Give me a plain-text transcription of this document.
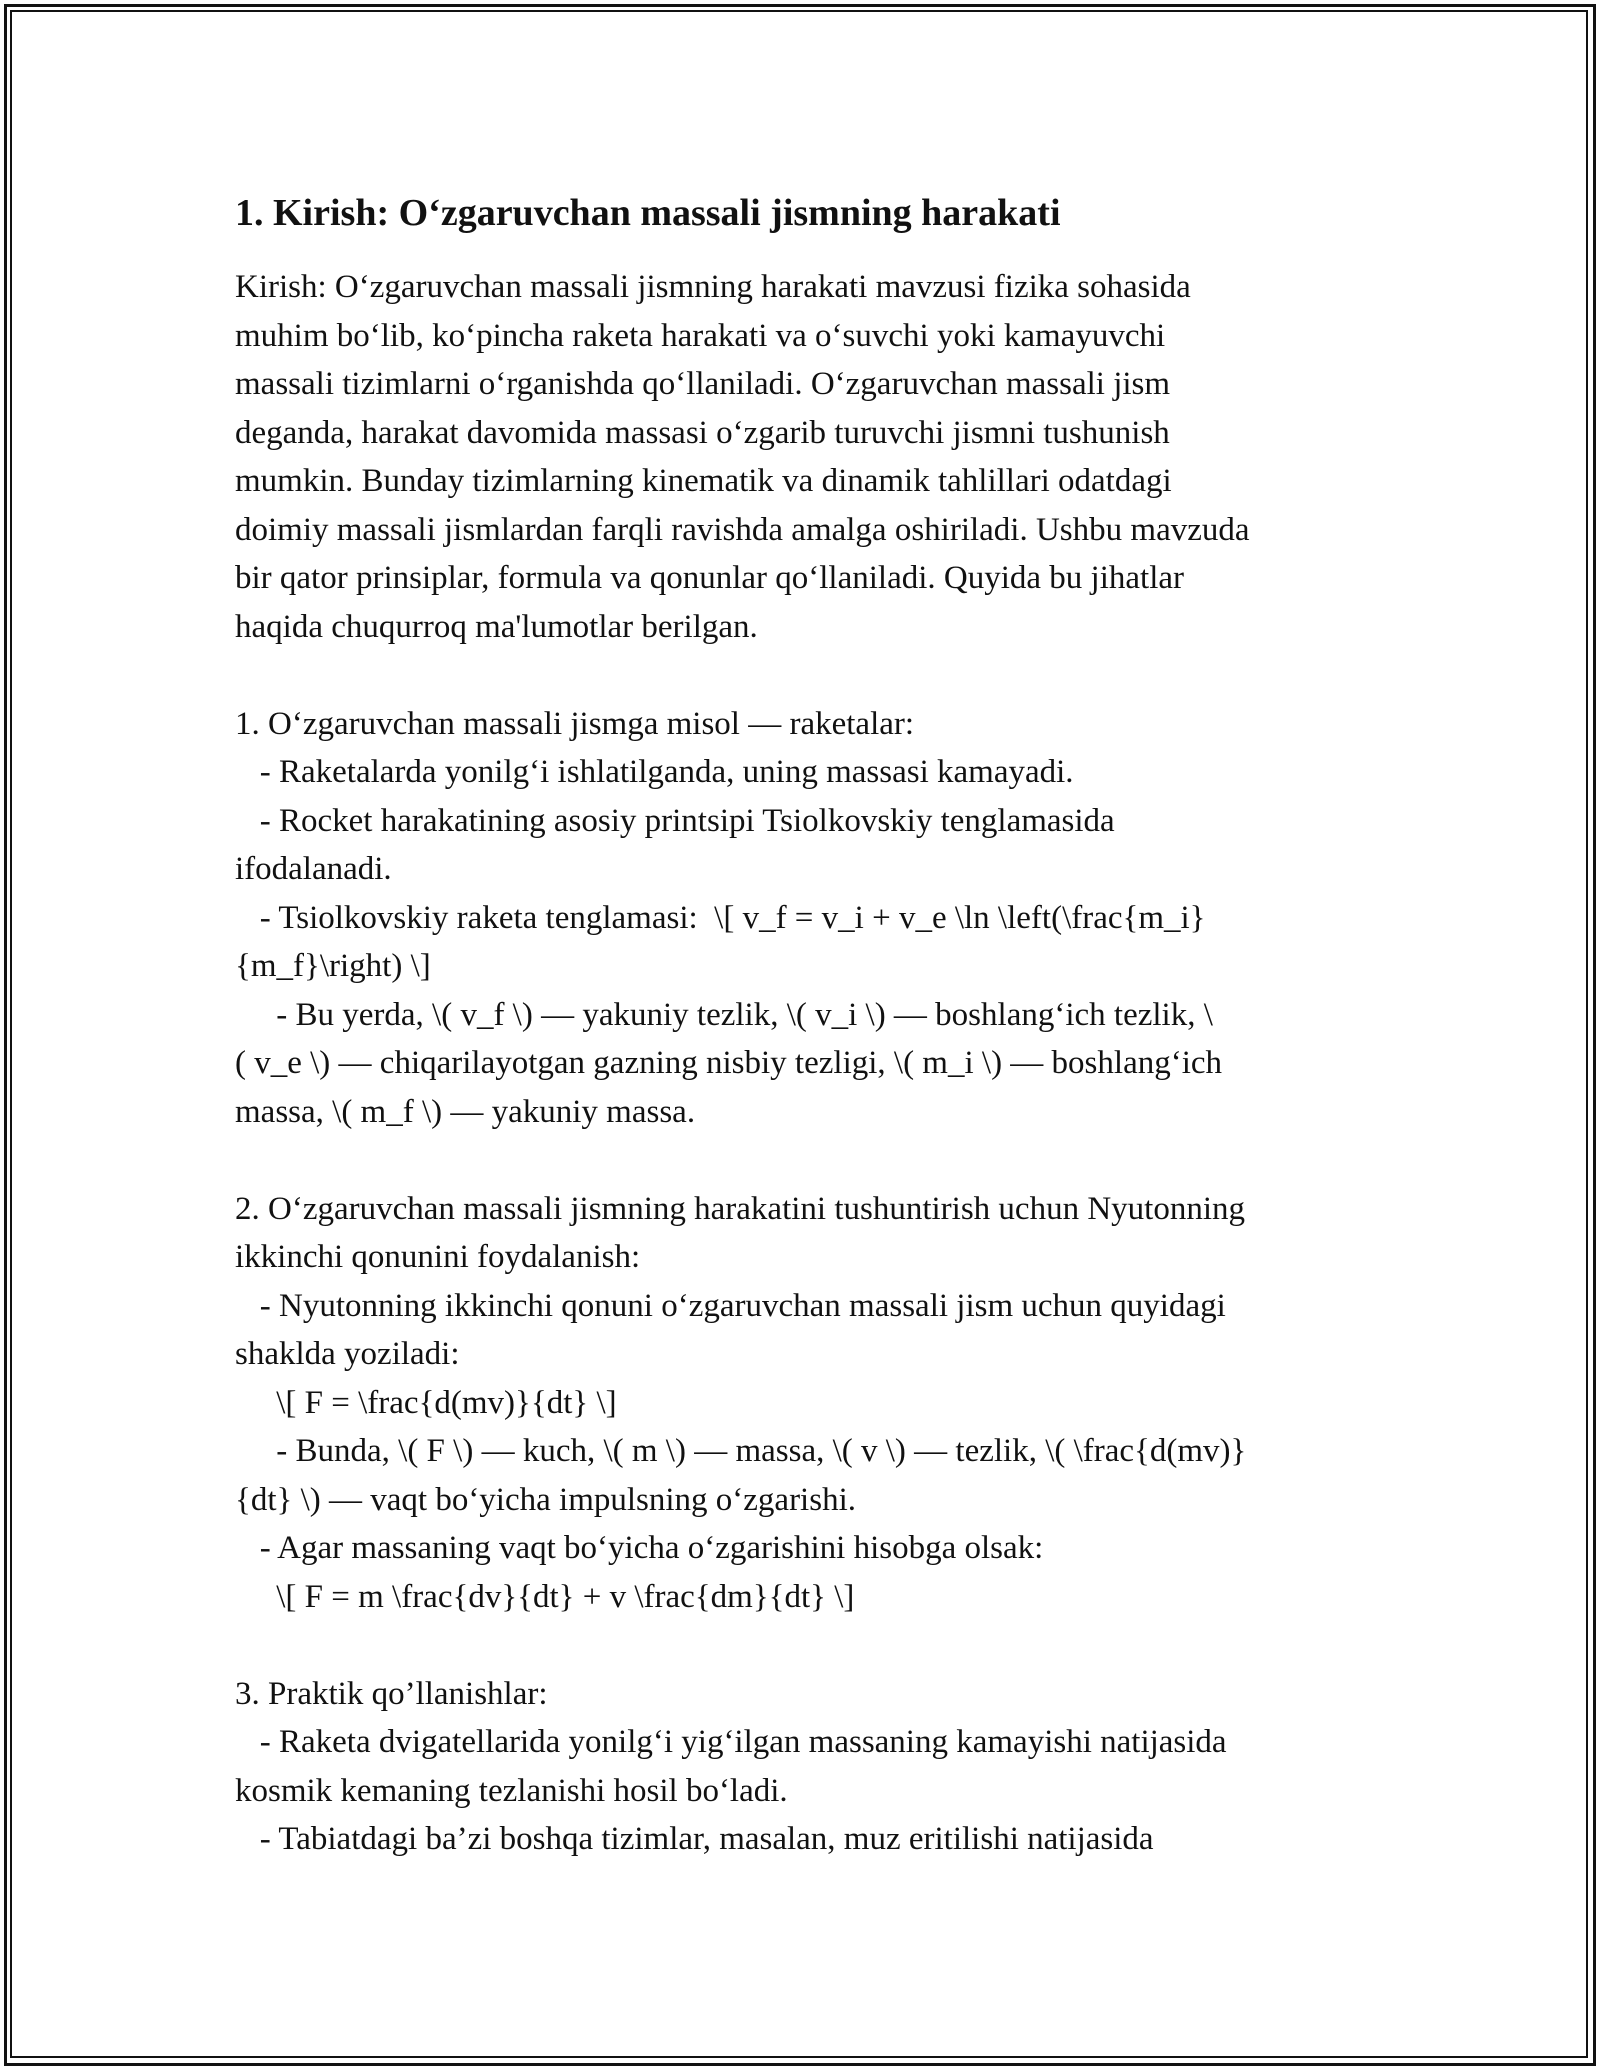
1. Kirish: O‘zgaruvchan massali jismning harakati
Kirish: O‘zgaruvchan massali jismning harakati mavzusi fizika sohasida
muhim bo‘lib, ko‘pincha raketa harakati va o‘suvchi yoki kamayuvchi
massali tizimlarni o‘rganishda qo‘llaniladi. O‘zgaruvchan massali jism
deganda, harakat davomida massasi o‘zgarib turuvchi jismni tushunish
mumkin. Bunday tizimlarning kinematik va dinamik tahlillari odatdagi
doimiy massali jismlardan farqli ravishda amalga oshiriladi. Ushbu mavzuda
bir qator prinsiplar, formula va qonunlar qo‘llaniladi. Quyida bu jihatlar
haqida chuqurroq ma'lumotlar berilgan.
1. O‘zgaruvchan massali jismga misol — raketalar:
- Raketalarda yonilg‘i ishlatilganda, uning massasi kamayadi.
- Rocket harakatining asosiy printsipi Tsiolkovskiy tenglamasida
ifodalanadi.
- Tsiolkovskiy raketa tenglamasi:  \[ v_f = v_i + v_e \ln \left(\frac{m_i}
{m_f}\right) \]
- Bu yerda, \( v_f \) — yakuniy tezlik, \( v_i \) — boshlang‘ich tezlik, \
( v_e \) — chiqarilayotgan gazning nisbiy tezligi, \( m_i \) — boshlang‘ich
massa, \( m_f \) — yakuniy massa.
2. O‘zgaruvchan massali jismning harakatini tushuntirish uchun Nyutonning
ikkinchi qonunini foydalanish:
- Nyutonning ikkinchi qonuni o‘zgaruvchan massali jism uchun quyidagi
shaklda yoziladi:
\[ F = \frac{d(mv)}{dt} \]
- Bunda, \( F \) — kuch, \( m \) — massa, \( v \) — tezlik, \( \frac{d(mv)}
{dt} \) — vaqt bo‘yicha impulsning o‘zgarishi.
- Agar massaning vaqt bo‘yicha o‘zgarishini hisobga olsak:
\[ F = m \frac{dv}{dt} + v \frac{dm}{dt} \]
3. Praktik qo’llanishlar:
- Raketa dvigatellarida yonilg‘i yig‘ilgan massaning kamayishi natijasida
kosmik kemaning tezlanishi hosil bo‘ladi.
- Tabiatdagi ba’zi boshqa tizimlar, masalan, muz eritilishi natijasida
